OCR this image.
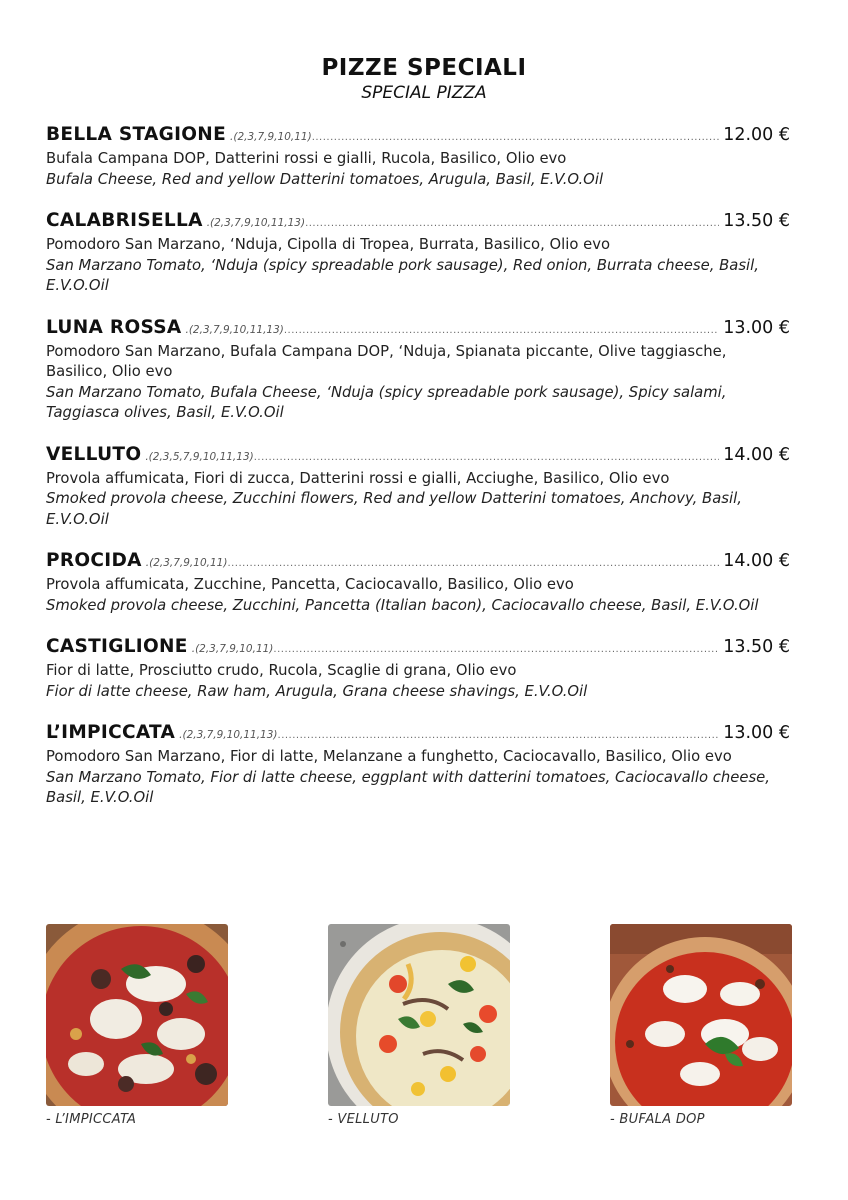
PIZZE SPECIALI
SPECIAL PIZZA
BELLA STAGIONE .(2,3,7,9,10,11) .....	12.00 €
Bufala Campana DOP, Datterini rossi e gialli, Rucola, Basilico, Olio evo
Bufala Cheese, Red and yellow Datterini tomatoes, Arugula, Basil, E.V.O.Oil
CALABRISELLA .(2,3,7,9,10,11,13) .....	13.50 €
Pomodoro San Marzano, ‘Nduja, Cipolla di Tropea, Burrata, Basilico, Olio evo
San Marzano Tomato, ‘Nduja (spicy spreadable pork sausage), Red onion, Burrata cheese, Basil, E.V.O.Oil
LUNA ROSSA .(2,3,7,9,10,11,13) .....	13.00 €
Pomodoro San Marzano, Bufala Campana DOP, ‘Nduja, Spianata piccante, Olive taggiasche, Basilico, Olio evo
San Marzano Tomato, Bufala Cheese, ‘Nduja (spicy spreadable pork sausage), Spicy salami, Taggiasca olives, Basil, E.V.O.Oil
VELLUTO .(2,3,5,7,9,10,11,13) .....	14.00 €
Provola affumicata, Fiori di zucca, Datterini rossi e gialli, Acciughe, Basilico, Olio evo
Smoked provola cheese, Zucchini flowers, Red and yellow Datterini tomatoes, Anchovy, Basil, E.V.O.Oil
PROCIDA .(2,3,7,9,10,11) .....	14.00 €
Provola affumicata, Zucchine, Pancetta, Caciocavallo, Basilico, Olio evo
Smoked provola cheese, Zucchini, Pancetta (Italian bacon), Caciocavallo cheese, Basil, E.V.O.Oil
CASTIGLIONE .(2,3,7,9,10,11) .....	13.50 €
Fior di latte, Prosciutto crudo, Rucola, Scaglie di grana, Olio evo
Fior di latte cheese, Raw ham, Arugula, Grana cheese shavings, E.V.O.Oil
L’IMPICCATA .(2,3,7,9,10,11,13) .....	13.00 €
Pomodoro San Marzano, Fior di latte, Melanzane a funghetto, Caciocavallo, Basilico, Olio evo
San Marzano Tomato, Fior di latte cheese, eggplant with datterini tomatoes, Caciocavallo cheese, Basil, E.V.O.Oil
- L’IMPICCATA	- VELLUTO	- BUFALA DOP
